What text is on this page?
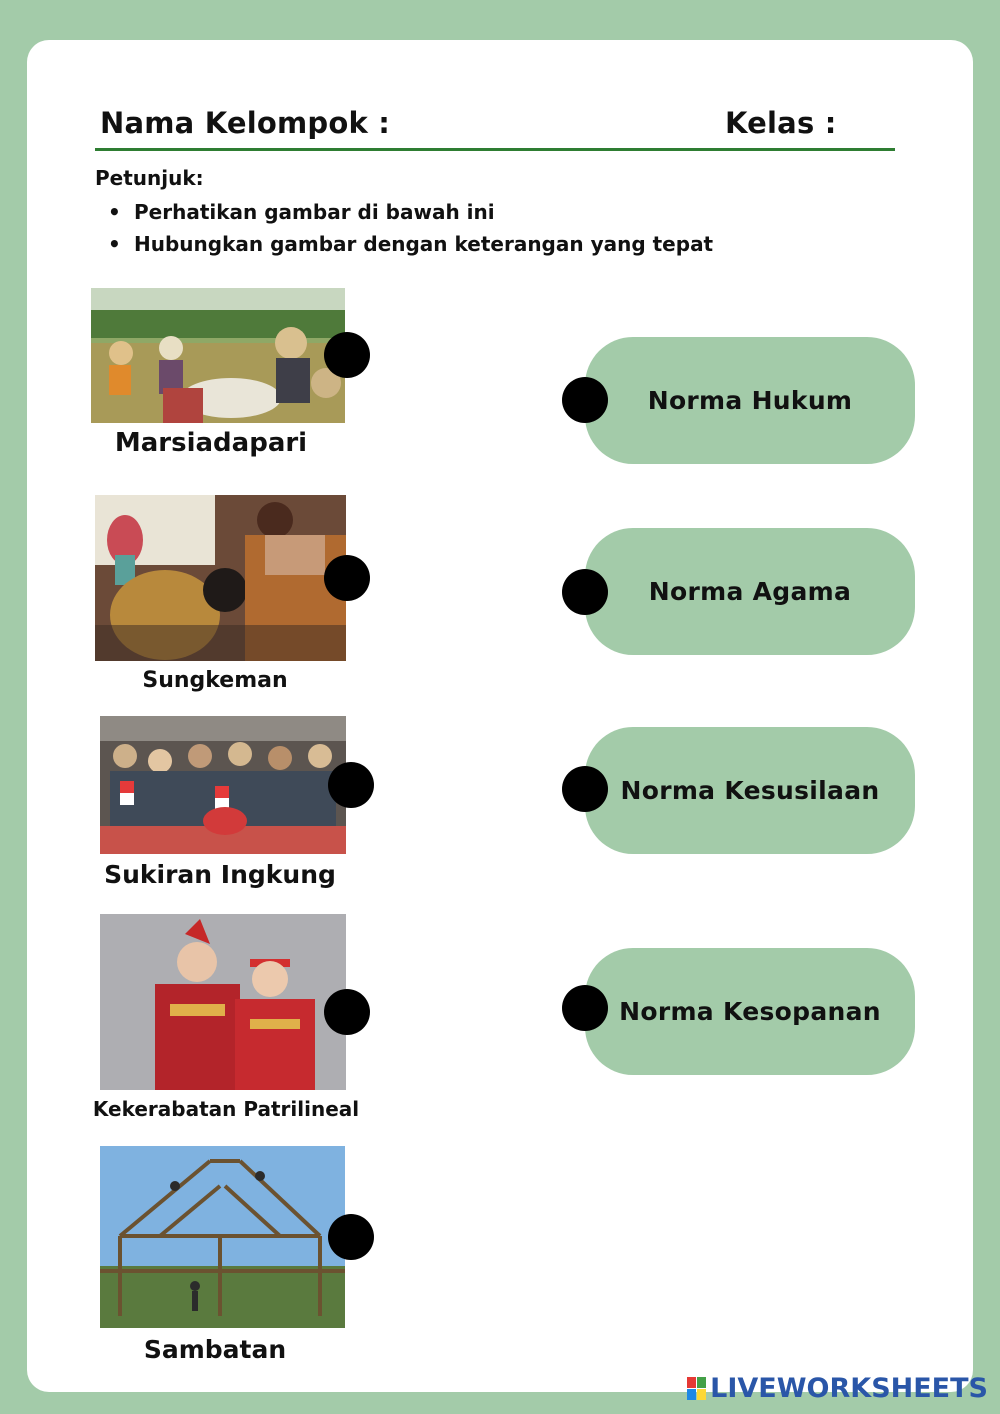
Nama Kelompok :	Kelas :
Petunjuk:
• Perhatikan gambar di bawah ini
• Hubungkan gambar dengan keterangan yang tepat
Marsiadapari
Sungkeman
Sukiran Ingkung
Kekerabatan Patrilineal
Sambatan
Norma Hukum
Norma Agama
Norma Kesusilaan
Norma Kesopanan
LIVEWORKSHEETS
